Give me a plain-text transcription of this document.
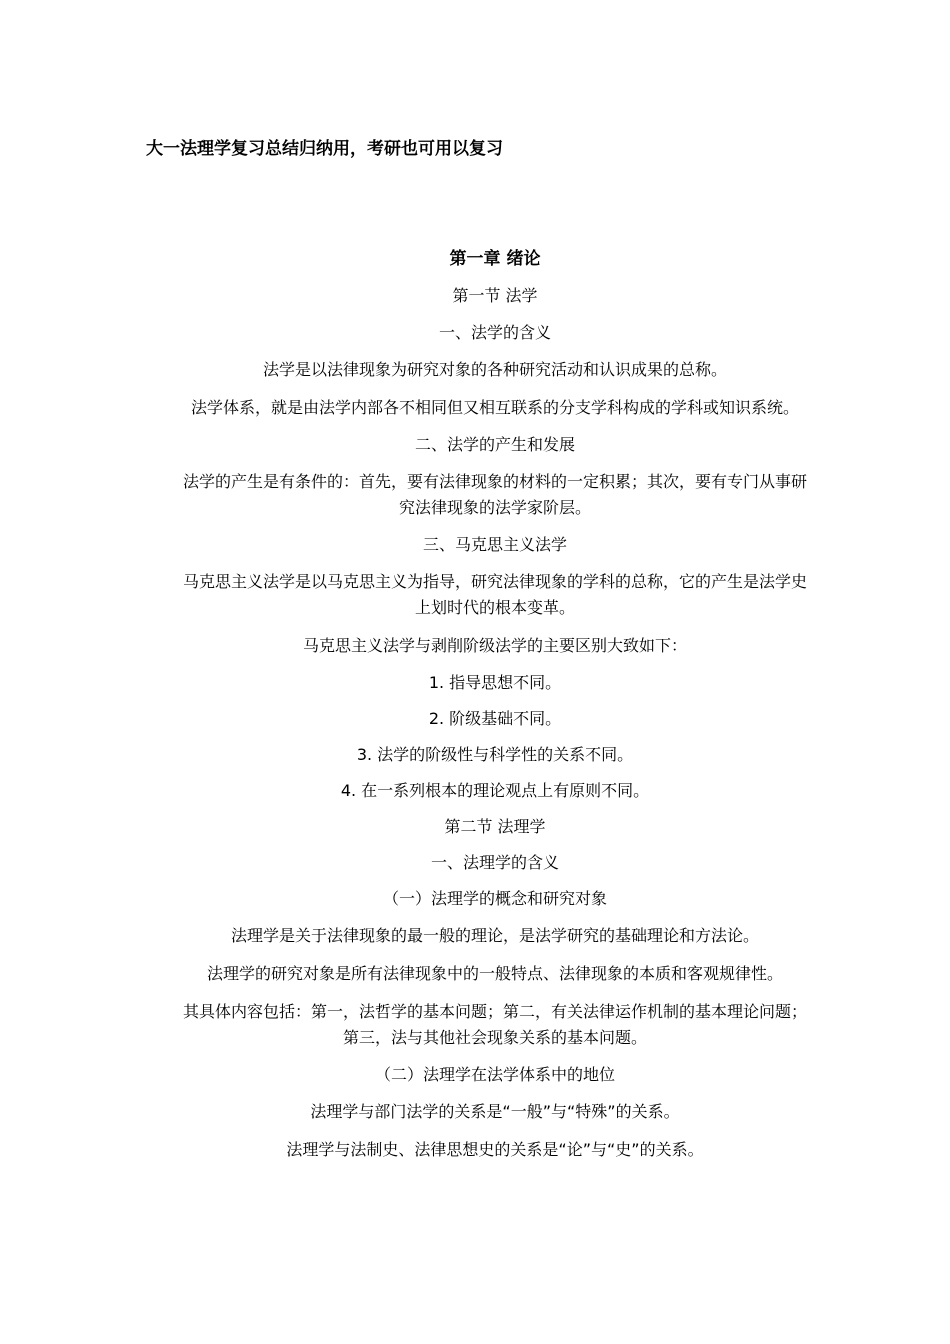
大一法理学复习总结归纳用，考研也可用以复习

第一章 绪论

第一节 法学

一、法学的含义

法学是以法律现象为研究对象的各种研究活动和认识成果的总称。

法学体系，就是由法学内部各不相同但又相互联系的分支学科构成的学科或知识系统。

二、法学的产生和发展

法学的产生是有条件的：首先，要有法律现象的材料的一定积累；其次，要有专门从事研究法律现象的法学家阶层。

三、马克思主义法学

马克思主义法学是以马克思主义为指导，研究法律现象的学科的总称，它的产生是法学史上划时代的根本变革。

马克思主义法学与剥削阶级法学的主要区别大致如下：

1. 指导思想不同。

2. 阶级基础不同。

3. 法学的阶级性与科学性的关系不同。

4. 在一系列根本的理论观点上有原则不同。

第二节 法理学

一、法理学的含义

（一）法理学的概念和研究对象

法理学是关于法律现象的最一般的理论，是法学研究的基础理论和方法论。

法理学的研究对象是所有法律现象中的一般特点、法律现象的本质和客观规律性。

其具体内容包括：第一，法哲学的基本问题；第二，有关法律运作机制的基本理论问题；第三，法与其他社会现象关系的基本问题。

（二）法理学在法学体系中的地位

法理学与部门法学的关系是“一般”与“特殊”的关系。

法理学与法制史、法律思想史的关系是“论”与“史”的关系。
